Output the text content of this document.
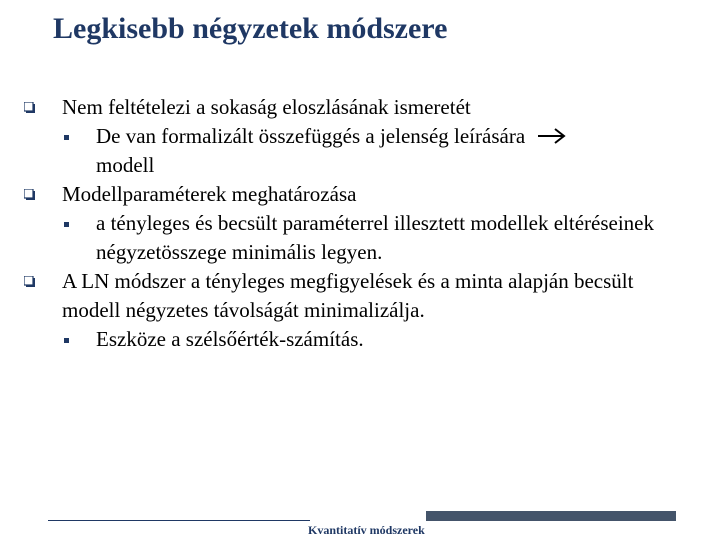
Legkisebb négyzetek módszere
Nem feltételezi a sokaság eloszlásának ismeretét
De van formalizált összefüggés a jelenség leírására
modell
Modellparaméterek meghatározása
a tényleges és becsült paraméterrel illesztett modellek eltéréseinek négyzetösszege minimális legyen.
A LN módszer a tényleges megfigyelések és a minta alapján becsült modell négyzetes távolságát minimalizálja.
Eszköze a szélsőérték-számítás.
Kvantitatív módszerek
